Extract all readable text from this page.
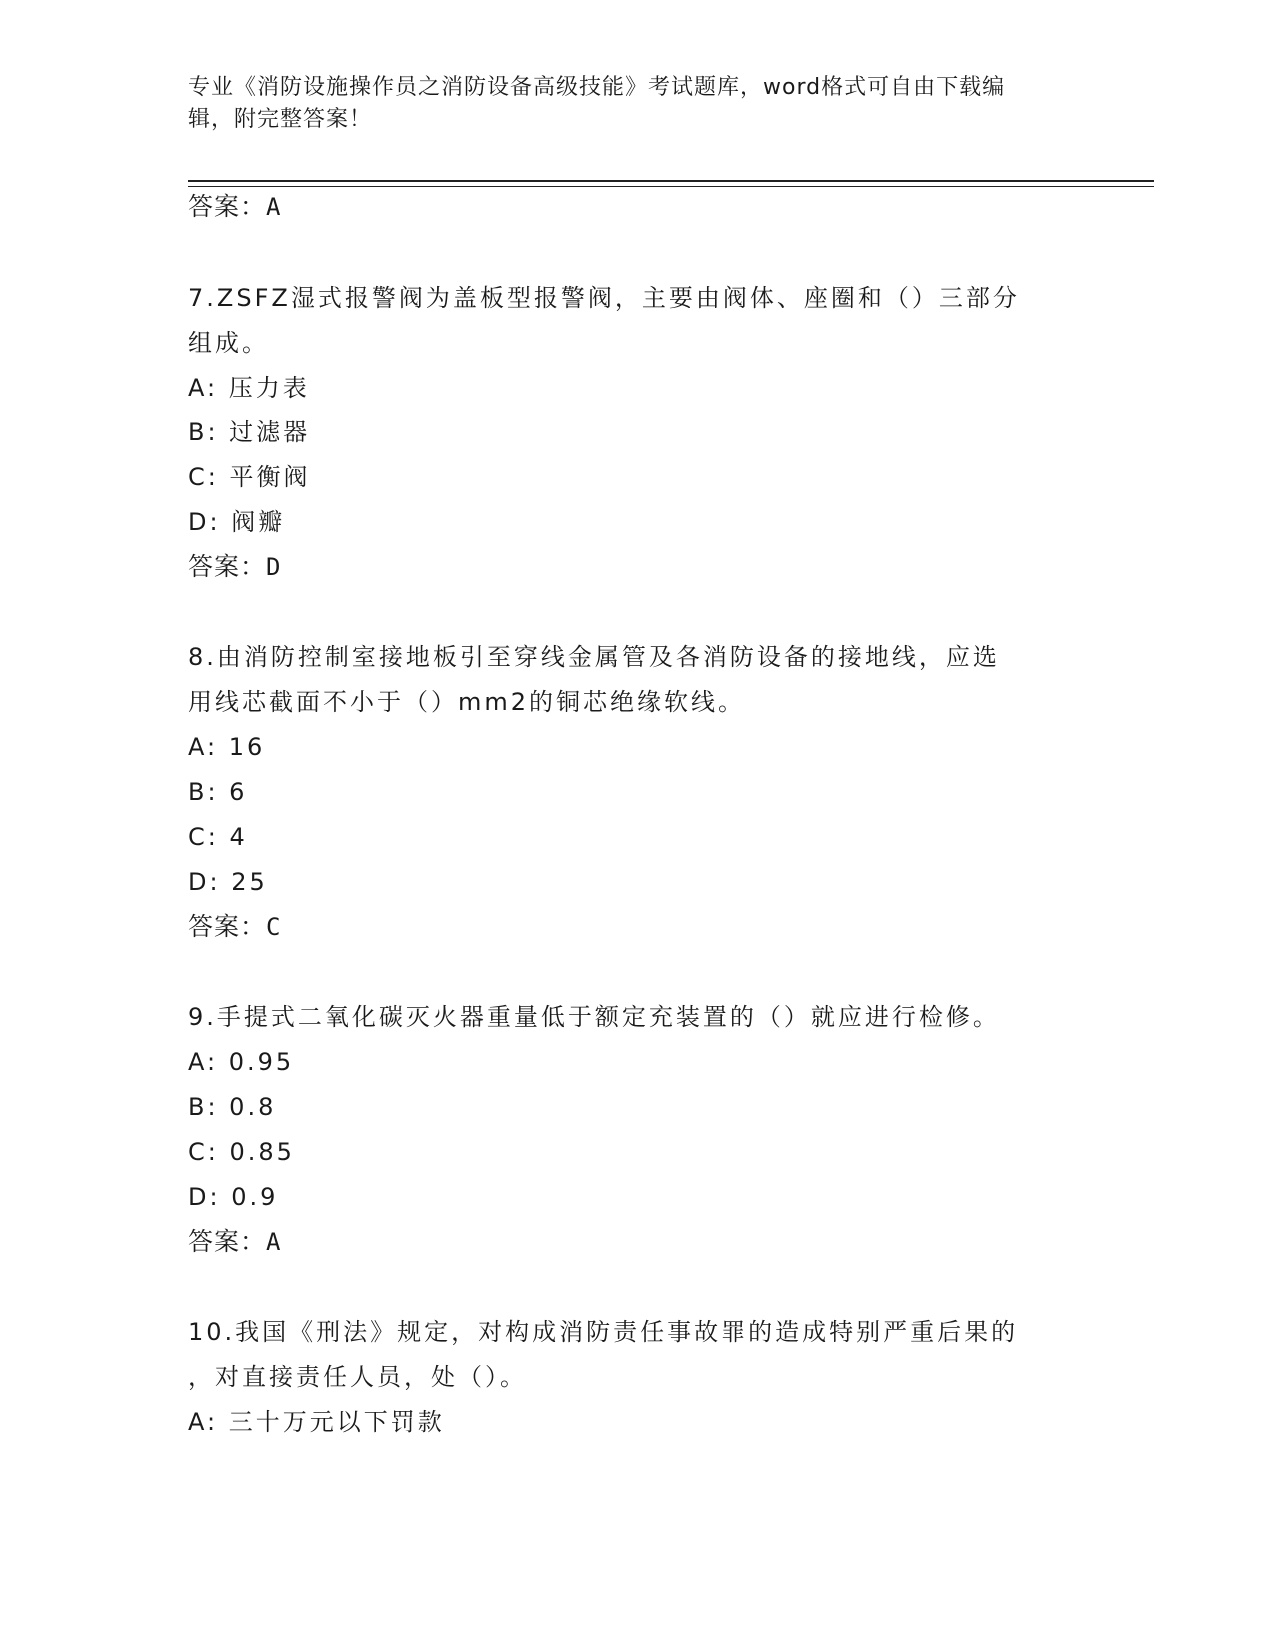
专业《消防设施操作员之消防设备高级技能》考试题库，word格式可自由下载编
辑，附完整答案！
答案：A
7.ZSFZ湿式报警阀为盖板型报警阀，主要由阀体、座圈和（）三部分
组成。
A: 压力表
B: 过滤器
C: 平衡阀
D: 阀瓣
答案：D
8.由消防控制室接地板引至穿线金属管及各消防设备的接地线，应选
用线芯截面不小于（）mm2的铜芯绝缘软线。
A: 16
B: 6
C: 4
D: 25
答案：C
9.手提式二氧化碳灭火器重量低于额定充装置的（）就应进行检修。
A: 0.95
B: 0.8
C: 0.85
D: 0.9
答案：A
10.我国《刑法》规定，对构成消防责任事故罪的造成特别严重后果的
，对直接责任人员，处（）。
A: 三十万元以下罚款
